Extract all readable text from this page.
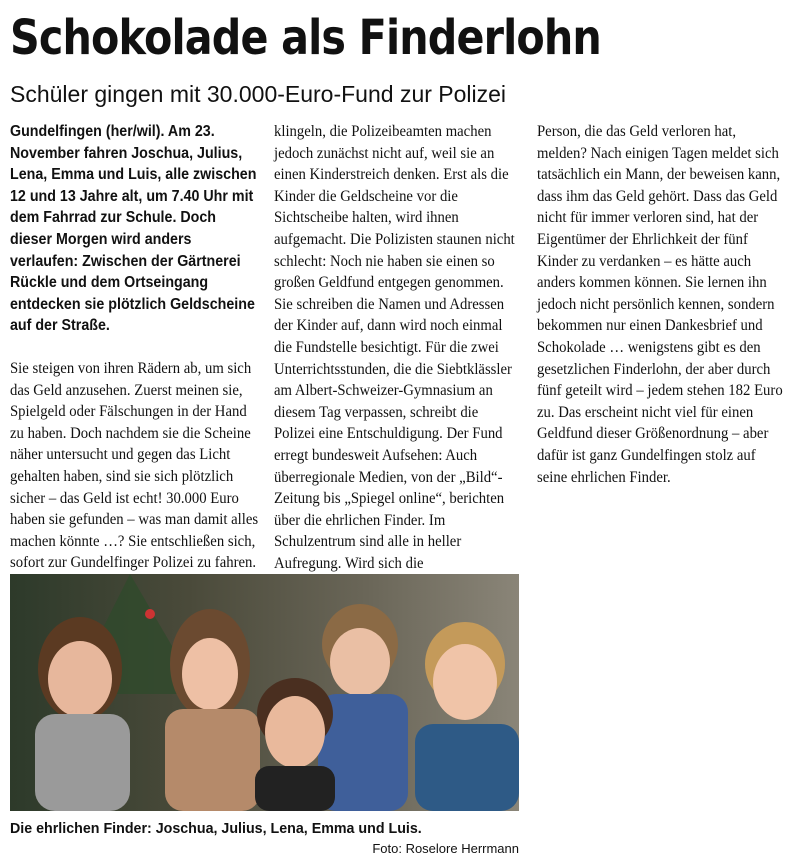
Schokolade als Finderlohn
Schüler gingen mit 30.000-Euro-Fund zur Polizei

Gundelfingen (her/wil). Am 23. November fahren Joschua, Julius, Lena, Emma und Luis, alle zwischen 12 und 13 Jahre alt, um 7.40 Uhr mit dem Fahrrad zur Schule. Doch dieser Morgen wird anders verlaufen: Zwischen der Gärtnerei Rückle und dem Ortseingang entdecken sie plötzlich Geldscheine auf der Straße.

Sie steigen von ihren Rädern ab, um sich das Geld anzusehen. Zuerst meinen sie, Spielgeld oder Fälschungen in der Hand zu haben. Doch nachdem sie die Scheine näher untersucht und gegen das Licht gehalten haben, sind sie sich plötzlich sicher – das Geld ist echt! 30.000 Euro haben sie gefunden – was man damit alles machen könnte …? Sie entschließen sich, sofort zur Gundelfinger Polizei zu fahren.

klingeln, die Polizeibeamten machen jedoch zunächst nicht auf, weil sie an einen Kinderstreich denken. Erst als die Kinder die Geldscheine vor die Sichtscheibe halten, wird ihnen aufgemacht. Die Polizisten staunen nicht schlecht: Noch nie haben sie einen so großen Geldfund entgegen genommen. Sie schreiben die Namen und Adressen der Kinder auf, dann wird noch einmal die Fundstelle besichtigt. Für die zwei Unterrichtsstunden, die die Siebtklässler am Albert-Schweizer-Gymnasium an diesem Tag verpassen, schreibt die Polizei eine Entschuldigung. Der Fund erregt bundesweit Aufsehen: Auch überregionale Medien, von der „Bild“-Zeitung bis „Spiegel online“, berichten über die ehrlichen Finder. Im Schulzentrum sind alle in heller Aufregung. Wird sich die

Person, die das Geld verloren hat, melden? Nach einigen Tagen meldet sich tatsächlich ein Mann, der beweisen kann, dass ihm das Geld gehört. Dass das Geld nicht für immer verloren sind, hat der Eigentümer der Ehrlichkeit der fünf Kinder zu verdanken – es hätte auch anders kommen können. Sie lernen ihn jedoch nicht persönlich kennen, sondern bekommen nur einen Dankesbrief und Schokolade … wenigstens gibt es den gesetzlichen Finderlohn, der aber durch fünf geteilt wird – jedem stehen 182 Euro zu. Das erscheint nicht viel für einen Geldfund dieser Größenordnung – aber dafür ist ganz Gundelfingen stolz auf seine ehrlichen Finder.

Die ehrlichen Finder: Joschua, Julius, Lena, Emma und Luis.
Foto: Roselore Herrmann
